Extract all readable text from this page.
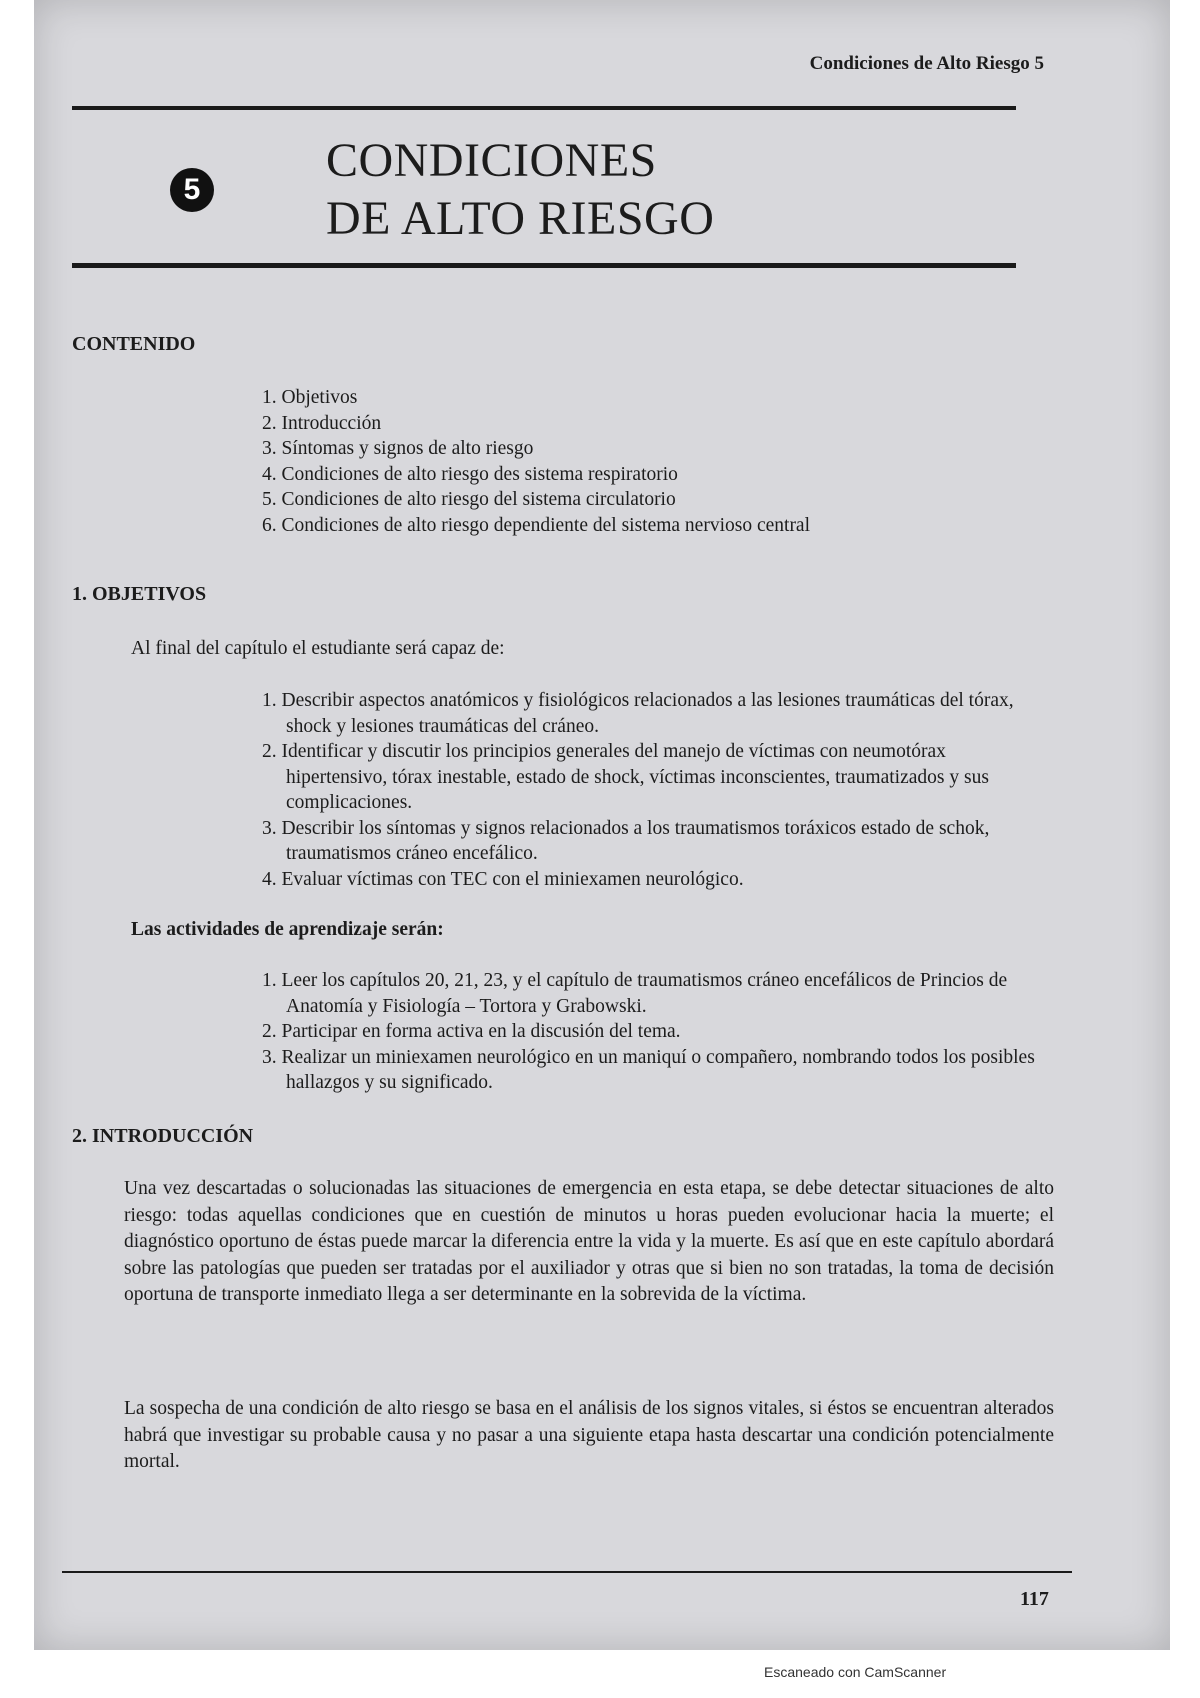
Condiciones de Alto Riesgo 5

5
CONDICIONES
DE ALTO RIESGO
CONTENIDO
1. Objetivos
2. Introducción
3. Síntomas y signos de alto riesgo
4. Condiciones de alto riesgo des sistema respiratorio
5. Condiciones de alto riesgo del sistema circulatorio
6. Condiciones de alto riesgo dependiente del sistema nervioso central
1. OBJETIVOS

Al final del capítulo el estudiante será capaz de:

1. Describir aspectos anatómicos y fisiológicos relacionados a las lesiones traumáticas del tórax, shock y lesiones traumáticas del cráneo.
2. Identificar y discutir los principios generales del manejo de víctimas con neumotórax hipertensivo, tórax inestable, estado de shock, víctimas inconscientes, traumatizados y sus complicaciones.
3. Describir los síntomas y signos relacionados a los traumatismos toráxicos estado de schok, traumatismos cráneo encefálico.
4. Evaluar víctimas con TEC con el miniexamen neurológico.

Las actividades de aprendizaje serán:

1. Leer los capítulos 20, 21, 23, y el capítulo de traumatismos cráneo encefálicos de Princios de Anatomía y Fisiología – Tortora y Grabowski.
2. Participar en forma activa en la discusión del tema.
3. Realizar un miniexamen neurológico en un maniquí o compañero, nombrando todos los posibles hallazgos y su significado.
2. INTRODUCCIÓN

Una vez descartadas o solucionadas las situaciones de emergencia en esta etapa, se debe detectar situaciones de alto riesgo: todas aquellas condiciones que en cuestión de minutos u horas pueden evolucionar hacia la muerte; el diagnóstico oportuno de éstas puede marcar la diferencia entre la vida y la muerte. Es así que en este capítulo abordará sobre las patologías que pueden ser tratadas por el auxiliador y otras que si bien no son tratadas, la toma de decisión oportuna de transporte inmediato llega a ser determinante en la sobrevida de la víctima.

La sospecha de una condición de alto riesgo se basa en el análisis de los signos vitales, si éstos se encuentran alterados habrá que investigar su probable causa y no pasar a una siguiente etapa hasta descartar una condición potencialmente mortal.

117

Escaneado con CamScanner
